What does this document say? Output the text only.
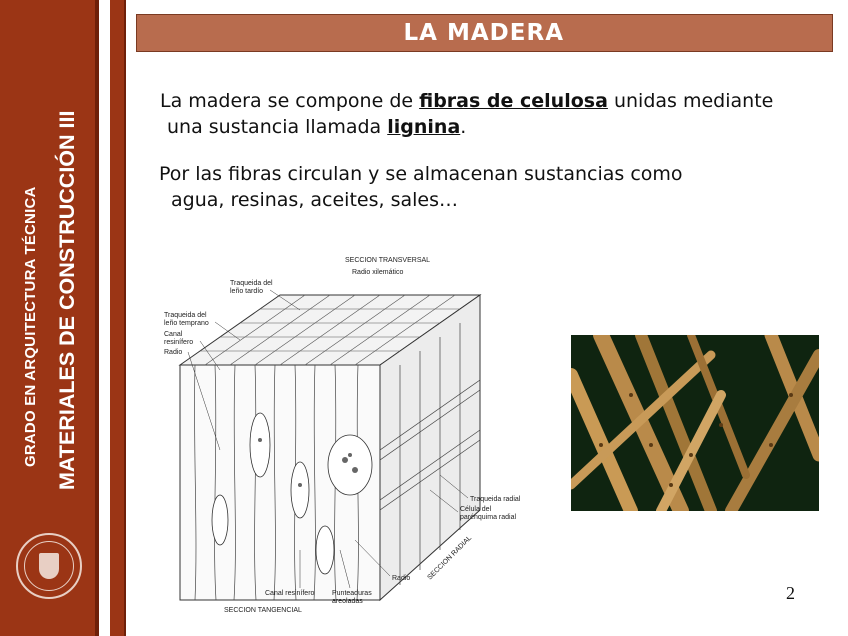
GRADO EN ARQUITECTURA TÉCNICA MATERIALES DE CONSTRUCCIÓN III
LA MADERA
La madera se compone de fibras de celulosa unidas mediante
una sustancia llamada lignina.
Por las fibras circulan y se almacenan sustancias como
agua, resinas, aceites, sales…
SECCION TRANSVERSAL
Radio xilemático
Traqueida del
leño tardío
Traqueida del
leño temprano
Canal
resinífero
Radio
Traqueida radial
Célula del
parénquima radial
Radio
Canal resinífero	Punteaduras
areoladas
SECCION TANGENCIAL
SECCION RADIAL
2
